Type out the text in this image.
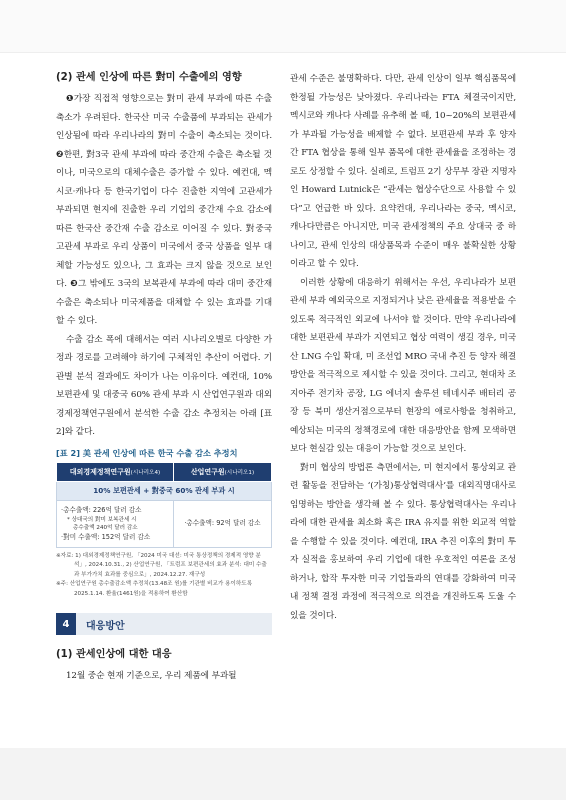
(2) 관세 인상에 따른 對미 수출에의 영향

❶가장 직접적 영향으로는 對미 관세 부과에 따른 수출 축소가 우려된다. 한국산 미국 수출품에 부과되는 관세가 인상됨에 따라 우리나라의 對미 수출이 축소되는 것이다. ❷한편, 對3국 관세 부과에 따라 중간재 수출은 축소될 것이나, 미국으로의 대체수출은 증가할 수 있다. 예컨대, 멕시코·캐나다 등 한국기업이 다수 진출한 지역에 고관세가 부과되면 현지에 진출한 우리 기업의 중간재 수요 감소에 따른 한국산 중간재 수출 감소로 이어질 수 있다. 對중국 고관세 부과로 우리 상품이 미국에서 중국 상품을 일부 대체할 가능성도 있으나, 그 효과는 크지 않을 것으로 보인다. ❸그 밖에도 3국의 보복관세 부과에 따라 대미 중간재 수출은 축소되나 미국제품을 대체할 수 있는 효과를 기대할 수 있다.

수출 감소 폭에 대해서는 여러 시나리오별로 다양한 가정과 경로를 고려해야 하기에 구체적인 추산이 어렵다. 기관별 분석 결과에도 차이가 나는 이유이다. 예컨대, 10% 보편관세 및 대중국 60% 관세 부과 시 산업연구원과 대외경제정책연구원에서 분석한 수출 감소 추정치는 아래 [표 2]와 같다.

[표 2] 美 관세 인상에 따른 한국 수출 감소 추정치
대외경제정책연구원(시나리오4)	산업연구원(시나리오1)
10% 보편관세 + 對중국 60% 관세 부과 시	
·총수출액: 226억 달러 감소
* 상대국의 對미 보복관세 시
총수출액 240억 달러 감소
·對미 수출액: 152억 달러 감소	·총수출액: 92억 달러 감소
※자료: 1) 대외경제정책연구원, 「2024 미국 대선: 미국 통상정책의 경제적 영향 분석」, 2024.10.31., 2) 산업연구원, 「트럼프 보편관세의 효과 분석: 대미 수출과 부가가치 효과를 중심으로」, 2024.12.27. 재구성
※주: 산업연구원 총수출감소액 추정치(13.48조 원)를 기관별 비교가 용이하도록 2025.1.14. 환율(1461원)을 적용하여 환산함
4	대응방안
(1) 관세인상에 대한 대응

12월 중순 현재 기준으로, 우리 제품에 부과될

관세 수준은 불명확하다. 다만, 관세 인상이 일부 핵심품목에 한정될 가능성은 낮아졌다. 우리나라는 FTA 체결국이지만, 멕시코와 캐나다 사례를 유추해 볼 때, 10~20%의 보편관세가 부과될 가능성을 배제할 수 없다. 보편관세 부과 후 양자 간 FTA 협상을 통해 일부 품목에 대한 관세율을 조정하는 경로도 상정할 수 있다. 실례로, 트럼프 2기 상무부 장관 지명자인 Howard Lutnick은 “관세는 협상수단으로 사용할 수 있다”고 언급한 바 있다. 요약컨대, 우리나라는 중국, 멕시코, 캐나다만큼은 아니지만, 미국 관세정책의 주요 상대국 중 하나이고, 관세 인상의 대상품목과 수준이 매우 불확실한 상황이라고 할 수 있다.

이러한 상황에 대응하기 위해서는 우선, 우리나라가 보편관세 부과 예외국으로 지정되거나 낮은 관세율을 적용받을 수 있도록 적극적인 외교에 나서야 할 것이다. 만약 우리나라에 대한 보편관세 부과가 지연되고 협상 여력이 생길 경우, 미국산 LNG 수입 확대, 미 조선업 MRO 국내 추진 등 양자 해결방안을 적극적으로 제시할 수 있을 것이다. 그리고, 현대차 조지아주 전기차 공장, LG 에너지 솔루션 테네시주 배터리 공장 등 북미 생산거점으로부터 현장의 애로사항을 청취하고, 예상되는 미국의 정책경로에 대한 대응방안을 함께 모색하면 보다 현실감 있는 대응이 가능할 것으로 보인다.

對미 협상의 방법론 측면에서는, 미 현지에서 통상외교 관련 활동을 전담하는 ‘(가칭)통상협력대사’를 대외직명대사로 임명하는 방안을 생각해 볼 수 있다. 통상협력대사는 우리나라에 대한 관세율 최소화 혹은 IRA 유지를 위한 외교적 역할을 수행할 수 있을 것이다. 예컨대, IRA 추진 이후의 對미 투자 실적을 홍보하여 우리 기업에 대한 우호적인 여론을 조성하거나, 합작 투자한 미국 기업들과의 연대를 강화하여 미국 내 정책 결정 과정에 적극적으로 의견을 개진하도록 도울 수 있을 것이다.
